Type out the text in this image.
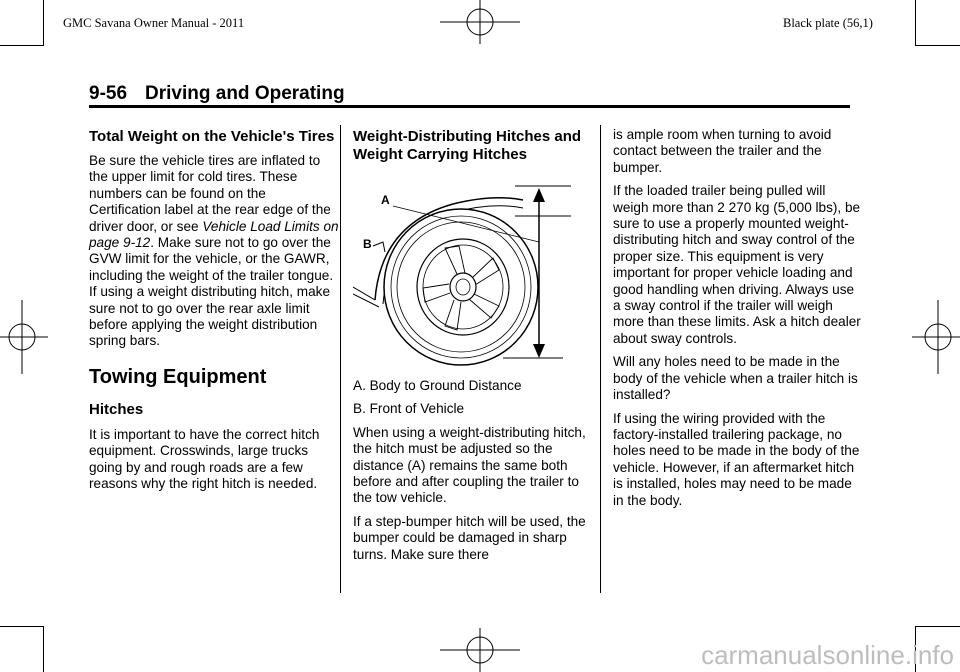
GMC Savana Owner Manual - 2011	Black plate (56,1)
9-56 Driving and Operating
Total Weight on the Vehicle's Tires

Be sure the vehicle tires are inflated to the upper limit for cold tires. These numbers can be found on the Certification label at the rear edge of the driver door, or see Vehicle Load Limits on page 9-12. Make sure not to go over the GVW limit for the vehicle, or the GAWR, including the weight of the trailer tongue. If using a weight distributing hitch, make sure not to go over the rear axle limit before applying the weight distribution spring bars.

Towing Equipment
Hitches

It is important to have the correct hitch equipment. Crosswinds, large trucks going by and rough roads are a few reasons why the right hitch is needed.

Weight-Distributing Hitches and Weight Carrying Hitches
A
B
A. Body to Ground Distance
B. Front of Vehicle

When using a weight-distributing hitch, the hitch must be adjusted so the distance (A) remains the same both before and after coupling the trailer to the tow vehicle.

If a step-bumper hitch will be used, the bumper could be damaged in sharp turns. Make sure there

is ample room when turning to avoid contact between the trailer and the bumper.

If the loaded trailer being pulled will weigh more than 2 270 kg (5,000 lbs), be sure to use a properly mounted weight-distributing hitch and sway control of the proper size. This equipment is very important for proper vehicle loading and good handling when driving. Always use a sway control if the trailer will weigh more than these limits. Ask a hitch dealer about sway controls.

Will any holes need to be made in the body of the vehicle when a trailer hitch is installed?

If using the wiring provided with the factory-installed trailering package, no holes need to be made in the body of the vehicle. However, if an aftermarket hitch is installed, holes may need to be made in the body.

carmanualsonline.info
